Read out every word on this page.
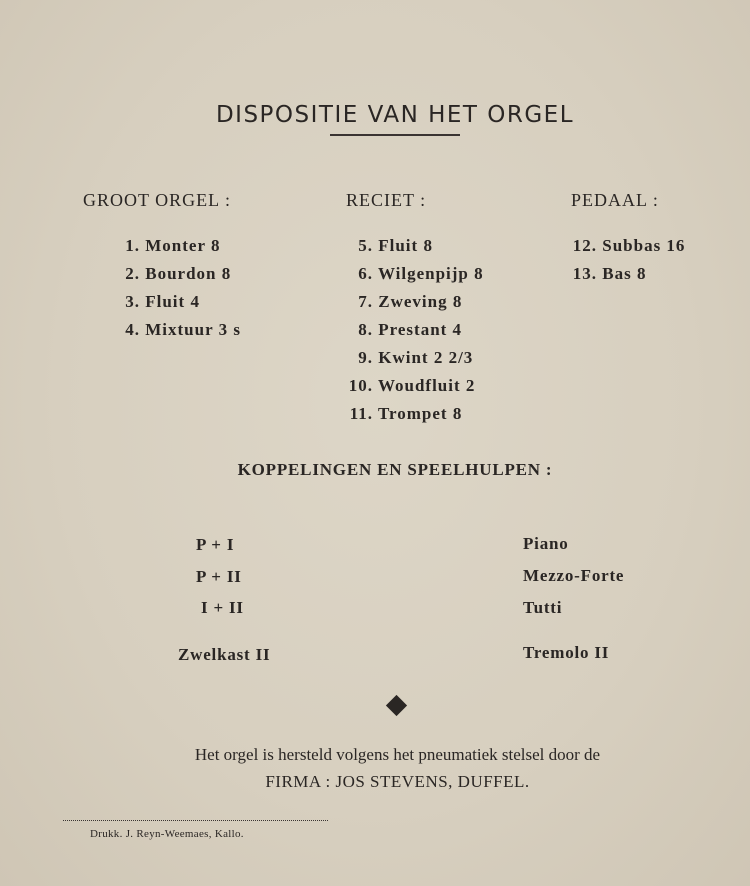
DISPOSITIE VAN HET ORGEL
GROOT ORGEL :	RECIET :	PEDAAL :
1. Monter 8
2. Bourdon 8
3. Fluit 4
4. Mixtuur 3 s
5. Fluit 8
6. Wilgenpijp 8
7. Zweving 8
8. Prestant 4
9. Kwint 2 2/3
10. Woudfluit 2
11. Trompet 8
12. Subbas 16
13. Bas 8
KOPPELINGEN EN SPEELHULPEN :
P + I
P + II
I + II
Zwelkast II
Piano
Mezzo-Forte
Tutti
Tremolo II
Het orgel is hersteld volgens het pneumatiek stelsel door de
FIRMA : JOS STEVENS, DUFFEL.
Drukk. J. Reyn-Weemaes, Kallo.
